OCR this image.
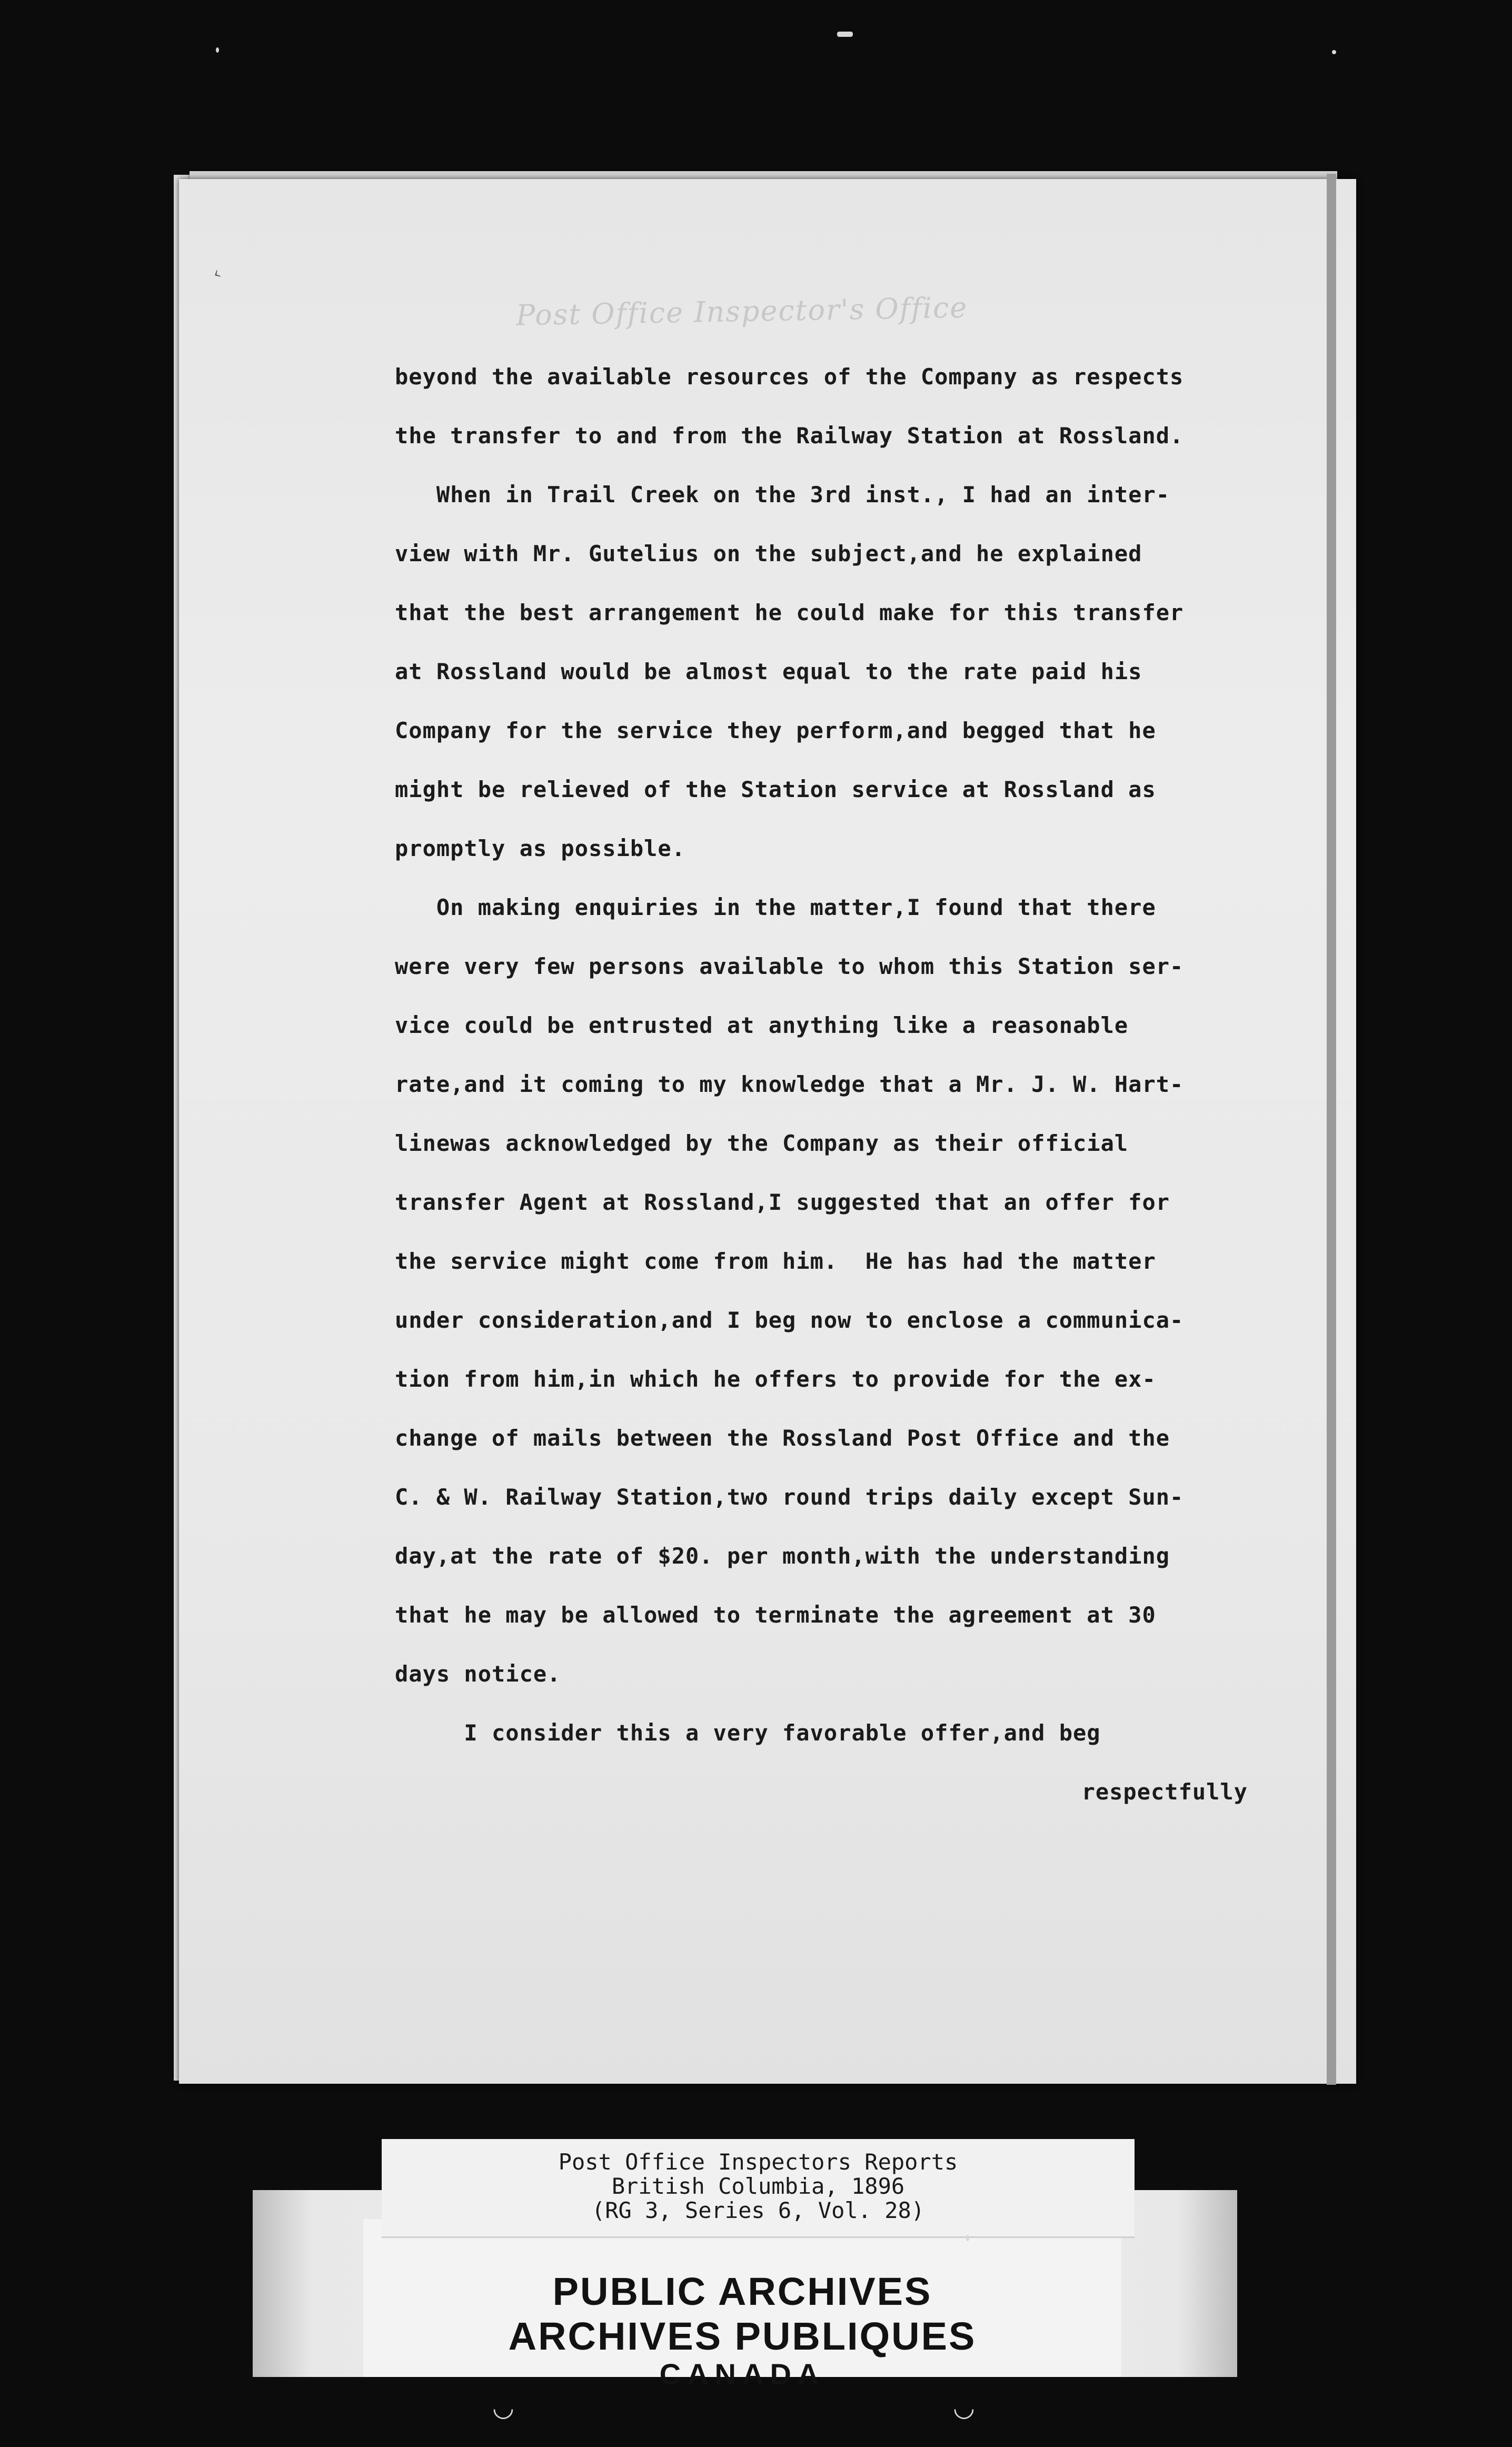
‹
Post Office Inspector's Office
beyond the available resources of the Company as respects
the transfer to and from the Railway Station at Rossland.
When in Trail Creek on the 3rd inst., I had an inter-
view with Mr. Gutelius on the subject,and he explained
that the best arrangement he could make for this transfer
at Rossland would be almost equal to the rate paid his
Company for the service they perform,and begged that he
might be relieved of the Station service at Rossland as
promptly as possible.
On making enquiries in the matter,I found that there
were very few persons available to whom this Station ser-
vice could be entrusted at anything like a reasonable
rate,and it coming to my knowledge that a Mr. J. W. Hart-
linewas acknowledged by the Company as their official
transfer Agent at Rossland,I suggested that an offer for
the service might come from him.  He has had the matter
under consideration,and I beg now to enclose a communica-
tion from him,in which he offers to provide for the ex-
change of mails between the Rossland Post Office and the
C. & W. Railway Station,two round trips daily except Sun-
day,at the rate of $20. per month,with the understanding
that he may be allowed to terminate the agreement at 30
days notice.
I consider this a very favorable offer,and beg
respectfully
PUBLIC ARCHIVES
ARCHIVES PUBLIQUES
CANADA
Post Office Inspectors Reports
British Columbia, 1896
(RG 3, Series 6, Vol. 28)
◡	◡
